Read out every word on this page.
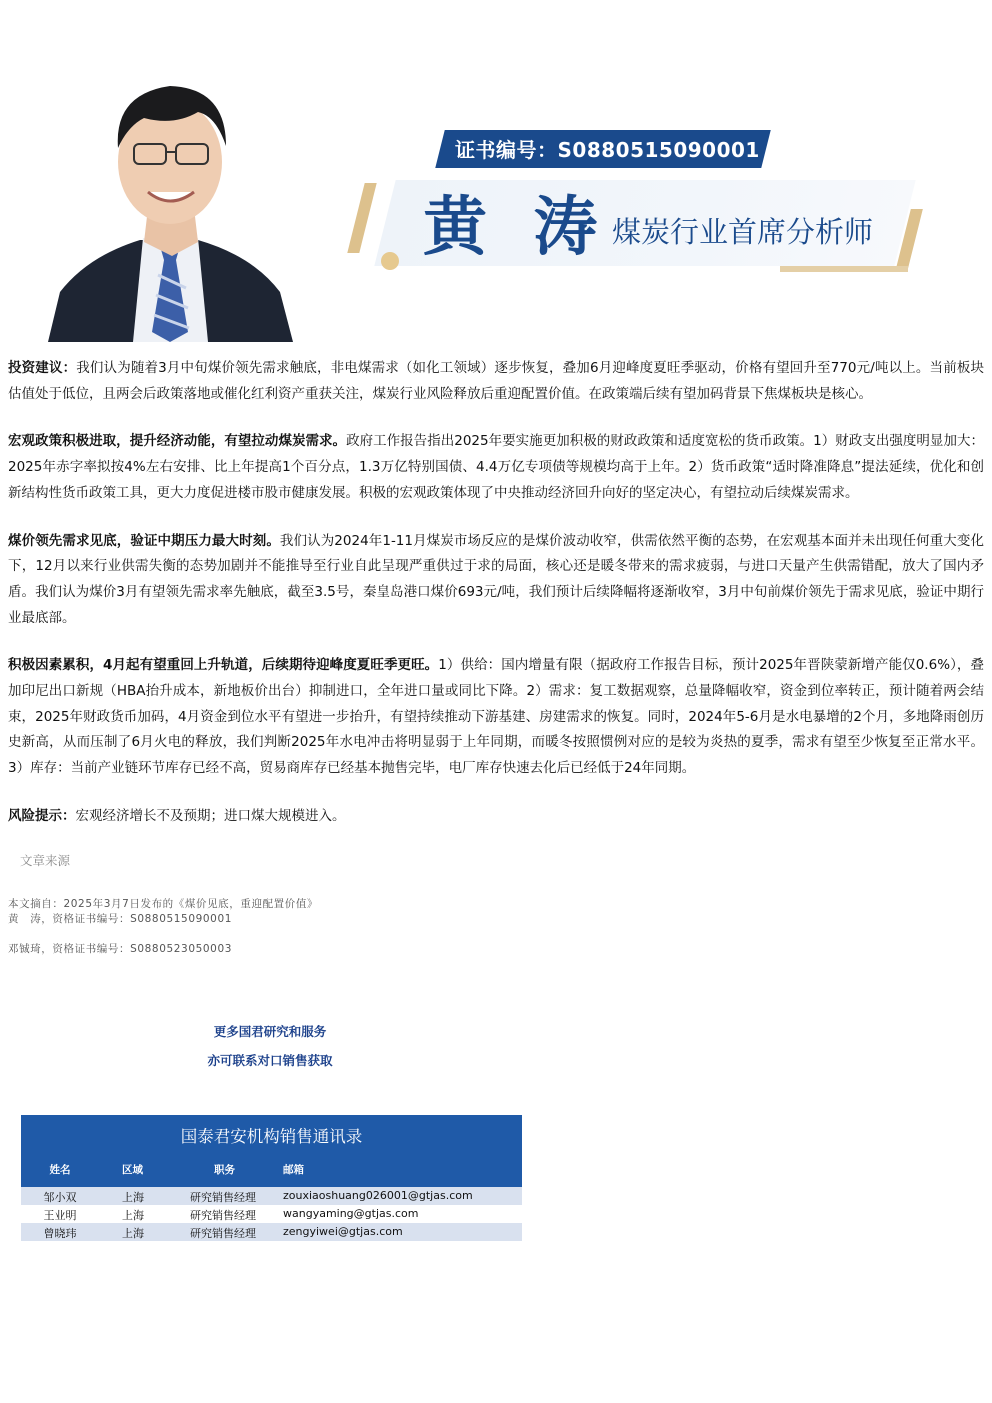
证书编号：S0880515090001
黄 涛 煤炭行业首席分析师

投资建议：我们认为随着3月中旬煤价领先需求触底，非电煤需求（如化工领域）逐步恢复，叠加6月迎峰度夏旺季驱动，价格有望回升至770元/吨以上。当前板块估值处于低位，且两会后政策落地或催化红利资产重获关注，煤炭行业风险释放后重迎配置价值。在政策端后续有望加码背景下焦煤板块是核心。

宏观政策积极进取，提升经济动能，有望拉动煤炭需求。政府工作报告指出2025年要实施更加积极的财政政策和适度宽松的货币政策。1）财政支出强度明显加大：2025年赤字率拟按4%左右安排、比上年提高1个百分点，1.3万亿特别国债、4.4万亿专项债等规模均高于上年。2）货币政策“适时降准降息”提法延续，优化和创新结构性货币政策工具，更大力度促进楼市股市健康发展。积极的宏观政策体现了中央推动经济回升向好的坚定决心，有望拉动后续煤炭需求。

煤价领先需求见底，验证中期压力最大时刻。我们认为2024年1-11月煤炭市场反应的是煤价波动收窄，供需依然平衡的态势，在宏观基本面并未出现任何重大变化下，12月以来行业供需失衡的态势加剧并不能推导至行业自此呈现严重供过于求的局面，核心还是暖冬带来的需求疲弱，与进口天量产生供需错配，放大了国内矛盾。我们认为煤价3月有望领先需求率先触底，截至3.5号，秦皇岛港口煤价693元/吨，我们预计后续降幅将逐渐收窄，3月中旬前煤价领先于需求见底，验证中期行业最底部。

积极因素累积，4月起有望重回上升轨道，后续期待迎峰度夏旺季更旺。1）供给：国内增量有限（据政府工作报告目标，预计2025年晋陕蒙新增产能仅0.6%），叠加印尼出口新规（HBA抬升成本，新地板价出台）抑制进口，全年进口量或同比下降。2）需求：复工数据观察，总量降幅收窄，资金到位率转正，预计随着两会结束，2025年财政货币加码，4月资金到位水平有望进一步抬升，有望持续推动下游基建、房建需求的恢复。同时，2024年5-6月是水电暴增的2个月，多地降雨创历史新高，从而压制了6月火电的释放，我们判断2025年水电冲击将明显弱于上年同期，而暖冬按照惯例对应的是较为炎热的夏季，需求有望至少恢复至正常水平。3）库存：当前产业链环节库存已经不高，贸易商库存已经基本抛售完毕，电厂库存快速去化后已经低于24年同期。

风险提示：宏观经济增长不及预期；进口煤大规模进入。

文章来源
本文摘自：2025年3月7日发布的《煤价见底，重迎配置价值》
黄　涛，资格证书编号：S0880515090001
邓铖琦，资格证书编号：S0880523050003
更多国君研究和服务
亦可联系对口销售获取
国泰君安机构销售通讯录
姓名	区域	职务	邮箱
邹小双	上海	研究销售经理 zouxiaoshuang026001@gtjas.com
王业明	上海	研究销售经理 wangyaming@gtjas.com
曾晓玮	上海	研究销售经理 zengyiwei@gtjas.com
